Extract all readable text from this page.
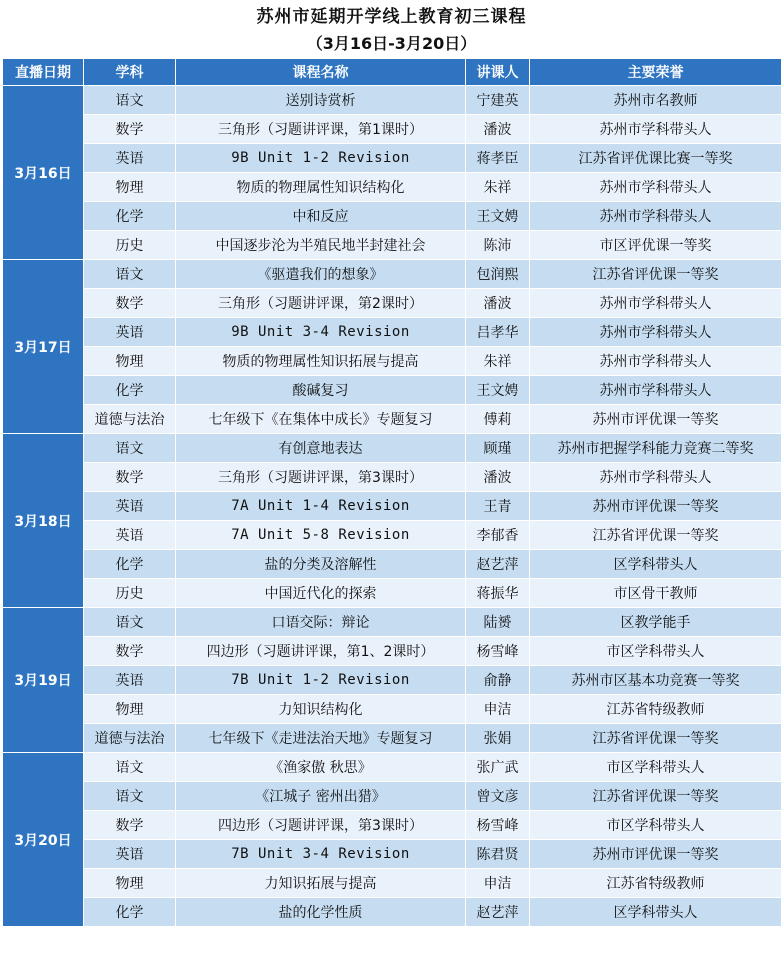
苏州市延期开学线上教育初三课程
（3月16日-3月20日）
直播日期	学科	课程名称	讲课人	主要荣誉
3月16日	语文	送别诗赏析	宁建英	苏州市名教师
	数学	三角形（习题讲评课，第1课时）	潘波	苏州市学科带头人
	英语	9B Unit 1-2 Revision	蒋孝臣	江苏省评优课比赛一等奖
	物理	物质的物理属性知识结构化	朱祥	苏州市学科带头人
	化学	中和反应	王文娉	苏州市学科带头人
	历史	中国逐步沦为半殖民地半封建社会	陈沛	市区评优课一等奖
3月17日	语文	《驱遣我们的想象》	包润熙	江苏省评优课一等奖
	数学	三角形（习题讲评课，第2课时）	潘波	苏州市学科带头人
	英语	9B Unit 3-4 Revision	吕孝华	苏州市学科带头人
	物理	物质的物理属性知识拓展与提高	朱祥	苏州市学科带头人
	化学	酸碱复习	王文娉	苏州市学科带头人
	道德与法治	七年级下《在集体中成长》专题复习	傅莉	苏州市评优课一等奖
3月18日	语文	有创意地表达	顾瑾	苏州市把握学科能力竞赛二等奖
	数学	三角形（习题讲评课，第3课时）	潘波	苏州市学科带头人
	英语	7A Unit 1-4 Revision	王青	苏州市评优课一等奖
	英语	7A Unit 5-8 Revision	李郁香	江苏省评优课一等奖
	化学	盐的分类及溶解性	赵艺萍	区学科带头人
	历史	中国近代化的探索	蒋振华	市区骨干教师
3月19日	语文	口语交际：辩论	陆赟	区教学能手
	数学	四边形（习题讲评课，第1、2课时）	杨雪峰	市区学科带头人
	英语	7B Unit 1-2 Revision	俞静	苏州市区基本功竞赛一等奖
	物理	力知识结构化	申洁	江苏省特级教师
	道德与法治	七年级下《走进法治天地》专题复习	张娟	江苏省评优课一等奖
3月20日	语文	《渔家傲 秋思》	张广武	市区学科带头人
	语文	《江城子 密州出猎》	曾文彦	江苏省评优课一等奖
	数学	四边形（习题讲评课，第3课时）	杨雪峰	市区学科带头人
	英语	7B Unit 3-4 Revision	陈君贤	苏州市评优课一等奖
	物理	力知识拓展与提高	申洁	江苏省特级教师
	化学	盐的化学性质	赵艺萍	区学科带头人
